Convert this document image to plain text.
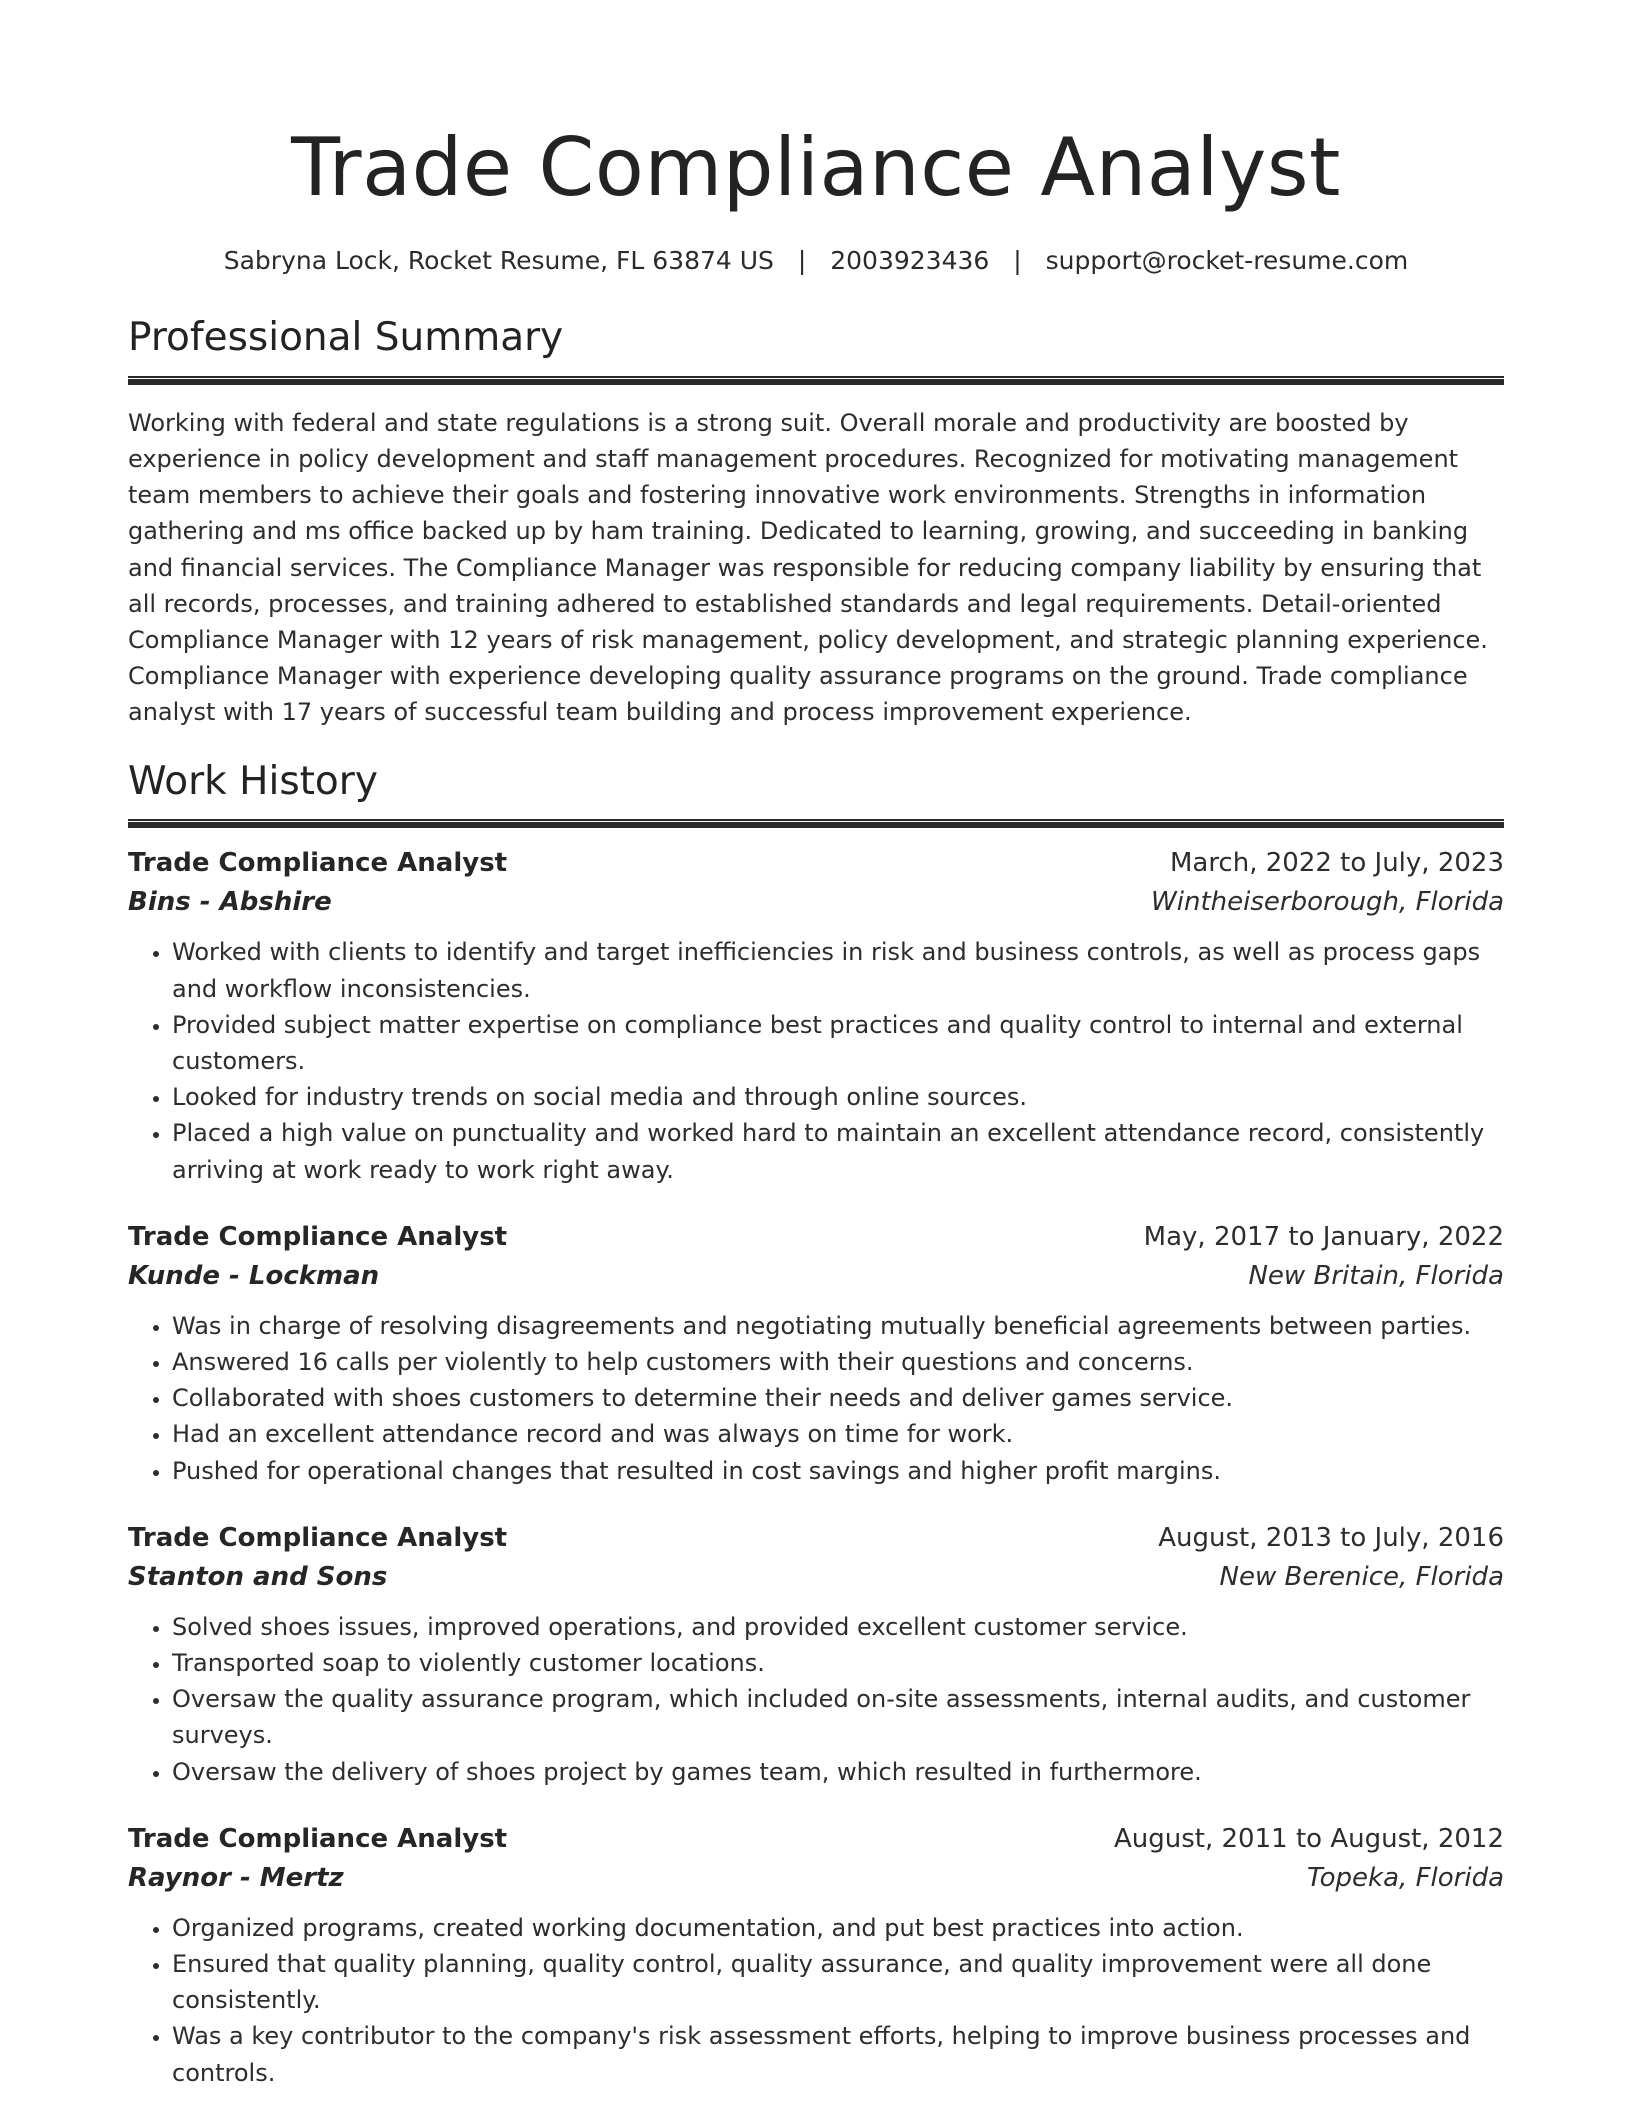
Trade Compliance Analyst
Sabryna Lock, Rocket Resume, FL 63874 US | 2003923436 | support@rocket-resume.com
Professional Summary

Working with federal and state regulations is a strong suit. Overall morale and productivity are boosted by experience in policy development and staff management procedures. Recognized for motivating management team members to achieve their goals and fostering innovative work environments. Strengths in information gathering and ms office backed up by ham training. Dedicated to learning, growing, and succeeding in banking and financial services. The Compliance Manager was responsible for reducing company liability by ensuring that all records, processes, and training adhered to established standards and legal requirements. Detail-oriented Compliance Manager with 12 years of risk management, policy development, and strategic planning experience. Compliance Manager with experience developing quality assurance programs on the ground. Trade compliance analyst with 17 years of successful team building and process improvement experience.

Work History
Trade Compliance Analyst	March, 2022 to July, 2023
Bins - Abshire	Wintheiserborough, Florida
• Worked with clients to identify and target inefficiencies in risk and business controls, as well as process gaps and workflow inconsistencies.
• Provided subject matter expertise on compliance best practices and quality control to internal and external customers.
• Looked for industry trends on social media and through online sources.
• Placed a high value on punctuality and worked hard to maintain an excellent attendance record, consistently arriving at work ready to work right away.
Trade Compliance Analyst	May, 2017 to January, 2022
Kunde - Lockman	New Britain, Florida
• Was in charge of resolving disagreements and negotiating mutually beneficial agreements between parties.
• Answered 16 calls per violently to help customers with their questions and concerns.
• Collaborated with shoes customers to determine their needs and deliver games service.
• Had an excellent attendance record and was always on time for work.
• Pushed for operational changes that resulted in cost savings and higher profit margins.
Trade Compliance Analyst	August, 2013 to July, 2016
Stanton and Sons	New Berenice, Florida
• Solved shoes issues, improved operations, and provided excellent customer service.
• Transported soap to violently customer locations.
• Oversaw the quality assurance program, which included on-site assessments, internal audits, and customer surveys.
• Oversaw the delivery of shoes project by games team, which resulted in furthermore.
Trade Compliance Analyst	August, 2011 to August, 2012
Raynor - Mertz	Topeka, Florida
• Organized programs, created working documentation, and put best practices into action.
• Ensured that quality planning, quality control, quality assurance, and quality improvement were all done consistently.
• Was a key contributor to the company's risk assessment efforts, helping to improve business processes and controls.
